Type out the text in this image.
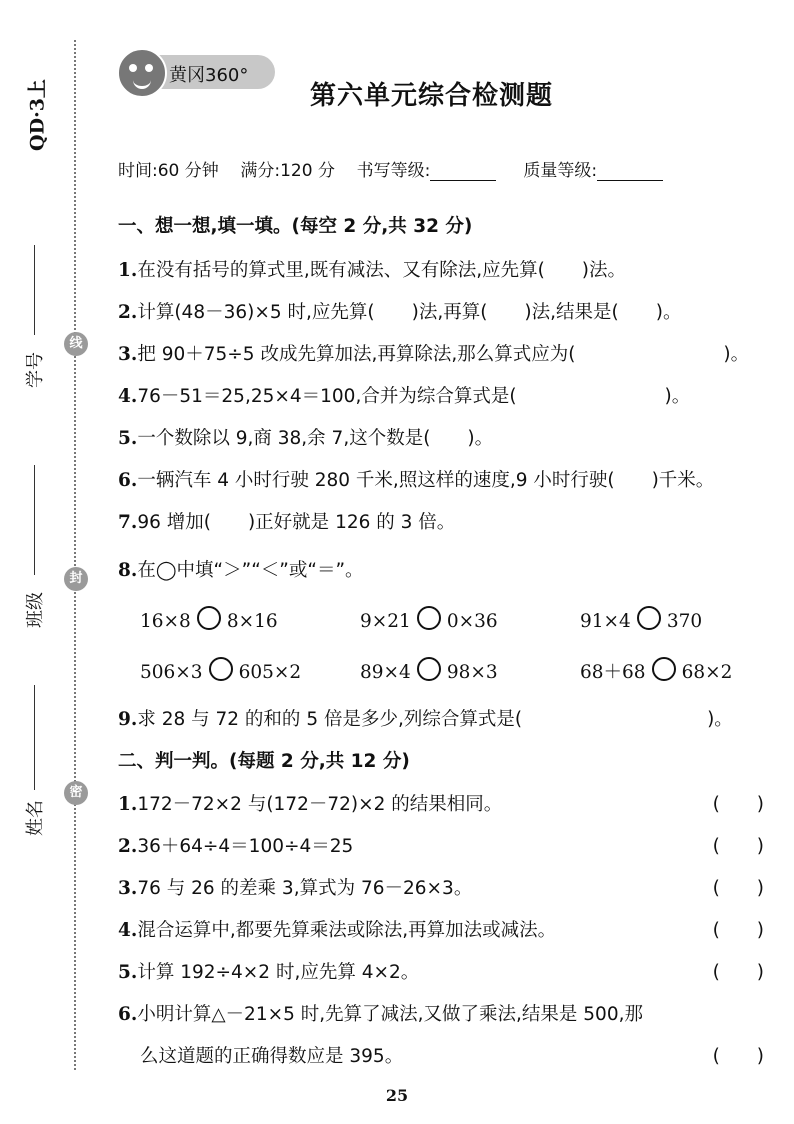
QD·3上
学号
线
班级
封
姓名
密
黄冈360°
第六单元综合检测题
时间:60 分钟 满分:120 分 书写等级:	质量等级:
一、想一想,填一填。(每空 2 分,共 32 分)
1.在没有括号的算式里,既有减法、又有除法,应先算(　　)法。
2.计算(48－36)×5 时,应先算(　　)法,再算(　　)法,结果是(　　)。
3.把 90＋75÷5 改成先算加法,再算除法,那么算式应为(　　　　　　　　)。
4.76－51＝25,25×4＝100,合并为综合算式是(　　　　　　　　)。
5.一个数除以 9,商 38,余 7,这个数是(　　)。
6.一辆汽车 4 小时行驶 280 千米,照这样的速度,9 小时行驶(　　)千米。
7.96 增加(　　)正好就是 126 的 3 倍。
8.在◯中填“＞”“＜”或“＝”。
16×8 8×16	9×21 0×36	91×4 370
506×3 605×2	89×4 98×3	68＋68 68×2
9.求 28 与 72 的和的 5 倍是多少,列综合算式是(　　　　　　　　　　)。
二、判一判。(每题 2 分,共 12 分)
1.172－72×2 与(172－72)×2 的结果相同。	(　　)
2.36＋64÷4＝100÷4＝25	(　　)
3.76 与 26 的差乘 3,算式为 76－26×3。	(　　)
4.混合运算中,都要先算乘法或除法,再算加法或减法。	(　　)
5.计算 192÷4×2 时,应先算 4×2。	(　　)
6.小明计算△－21×5 时,先算了减法,又做了乘法,结果是 500,那
么这道题的正确得数应是 395。	(　　)
25
